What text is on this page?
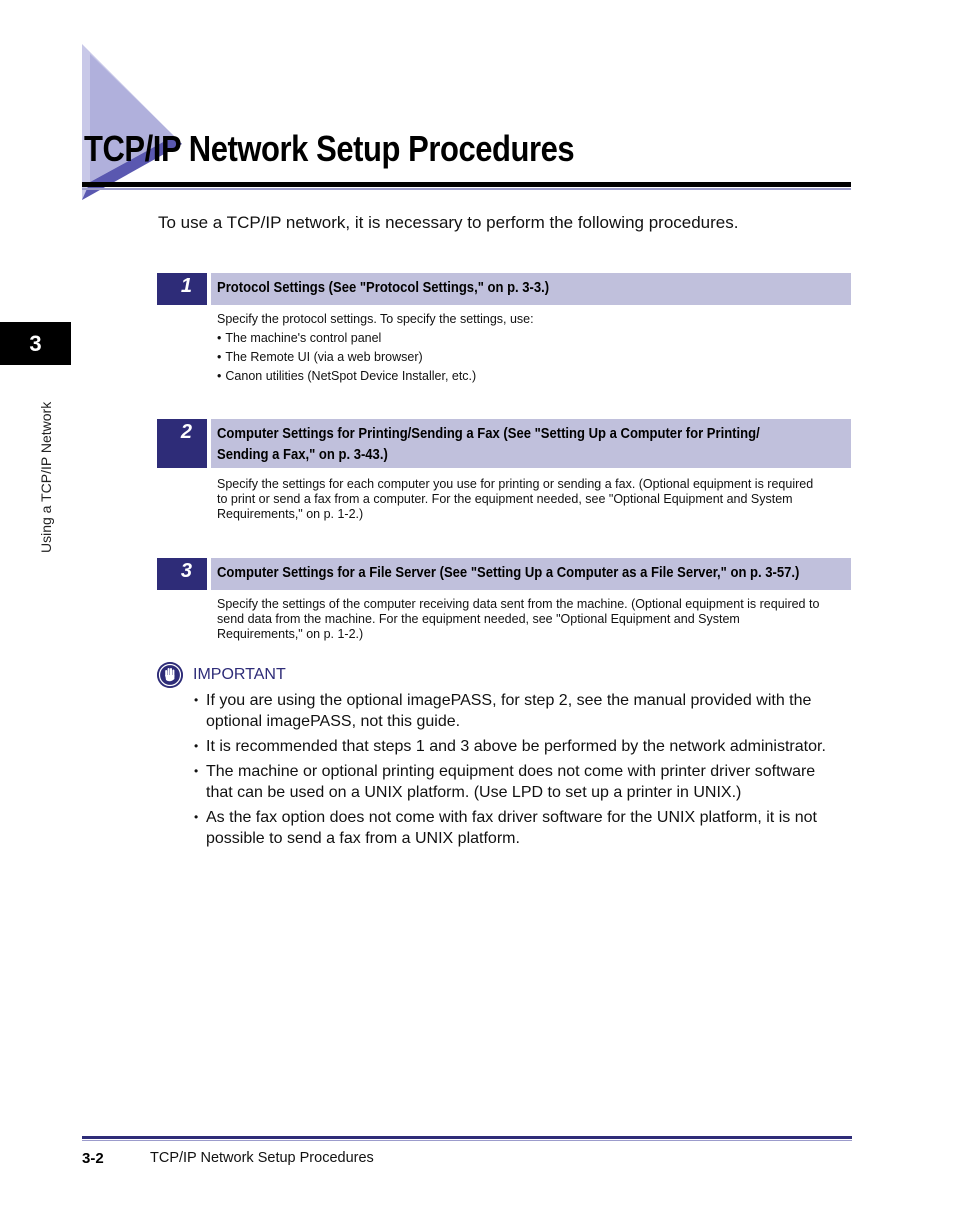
TCP/IP Network Setup Procedures
To use a TCP/IP network, it is necessary to perform the following procedures.
1	Protocol Settings (See "Protocol Settings," on p. 3-3.)

Specify the protocol settings. To specify the settings, use:

• The machine's control panel
• The Remote UI (via a web browser)
• Canon utilities (NetSpot Device Installer, etc.)
2	Computer Settings for Printing/Sending a Fax (See "Setting Up a Computer for Printing/
Sending a Fax," on p. 3-43.)

Specify the settings for each computer you use for printing or sending a fax. (Optional equipment is required

to print or send a fax from a computer. For the equipment needed, see "Optional Equipment and System

Requirements," on p. 1-2.)

3	Computer Settings for a File Server (See "Setting Up a Computer as a File Server," on p. 3-57.)

Specify the settings of the computer receiving data sent from the machine. (Optional equipment is required to

send data from the machine. For the equipment needed, see "Optional Equipment and System

Requirements," on p. 1-2.)

IMPORTANT
• If you are using the optional imagePASS, for step 2, see the manual provided with the
optional imagePASS, not this guide.
• It is recommended that steps 1 and 3 above be performed by the network administrator.
• The machine or optional printing equipment does not come with printer driver software
that can be used on a UNIX platform. (Use LPD to set up a printer in UNIX.)
• As the fax option does not come with fax driver software for the UNIX platform, it is not
possible to send a fax from a UNIX platform.
3
Using a TCP/IP Network
3-2	TCP/IP Network Setup Procedures
